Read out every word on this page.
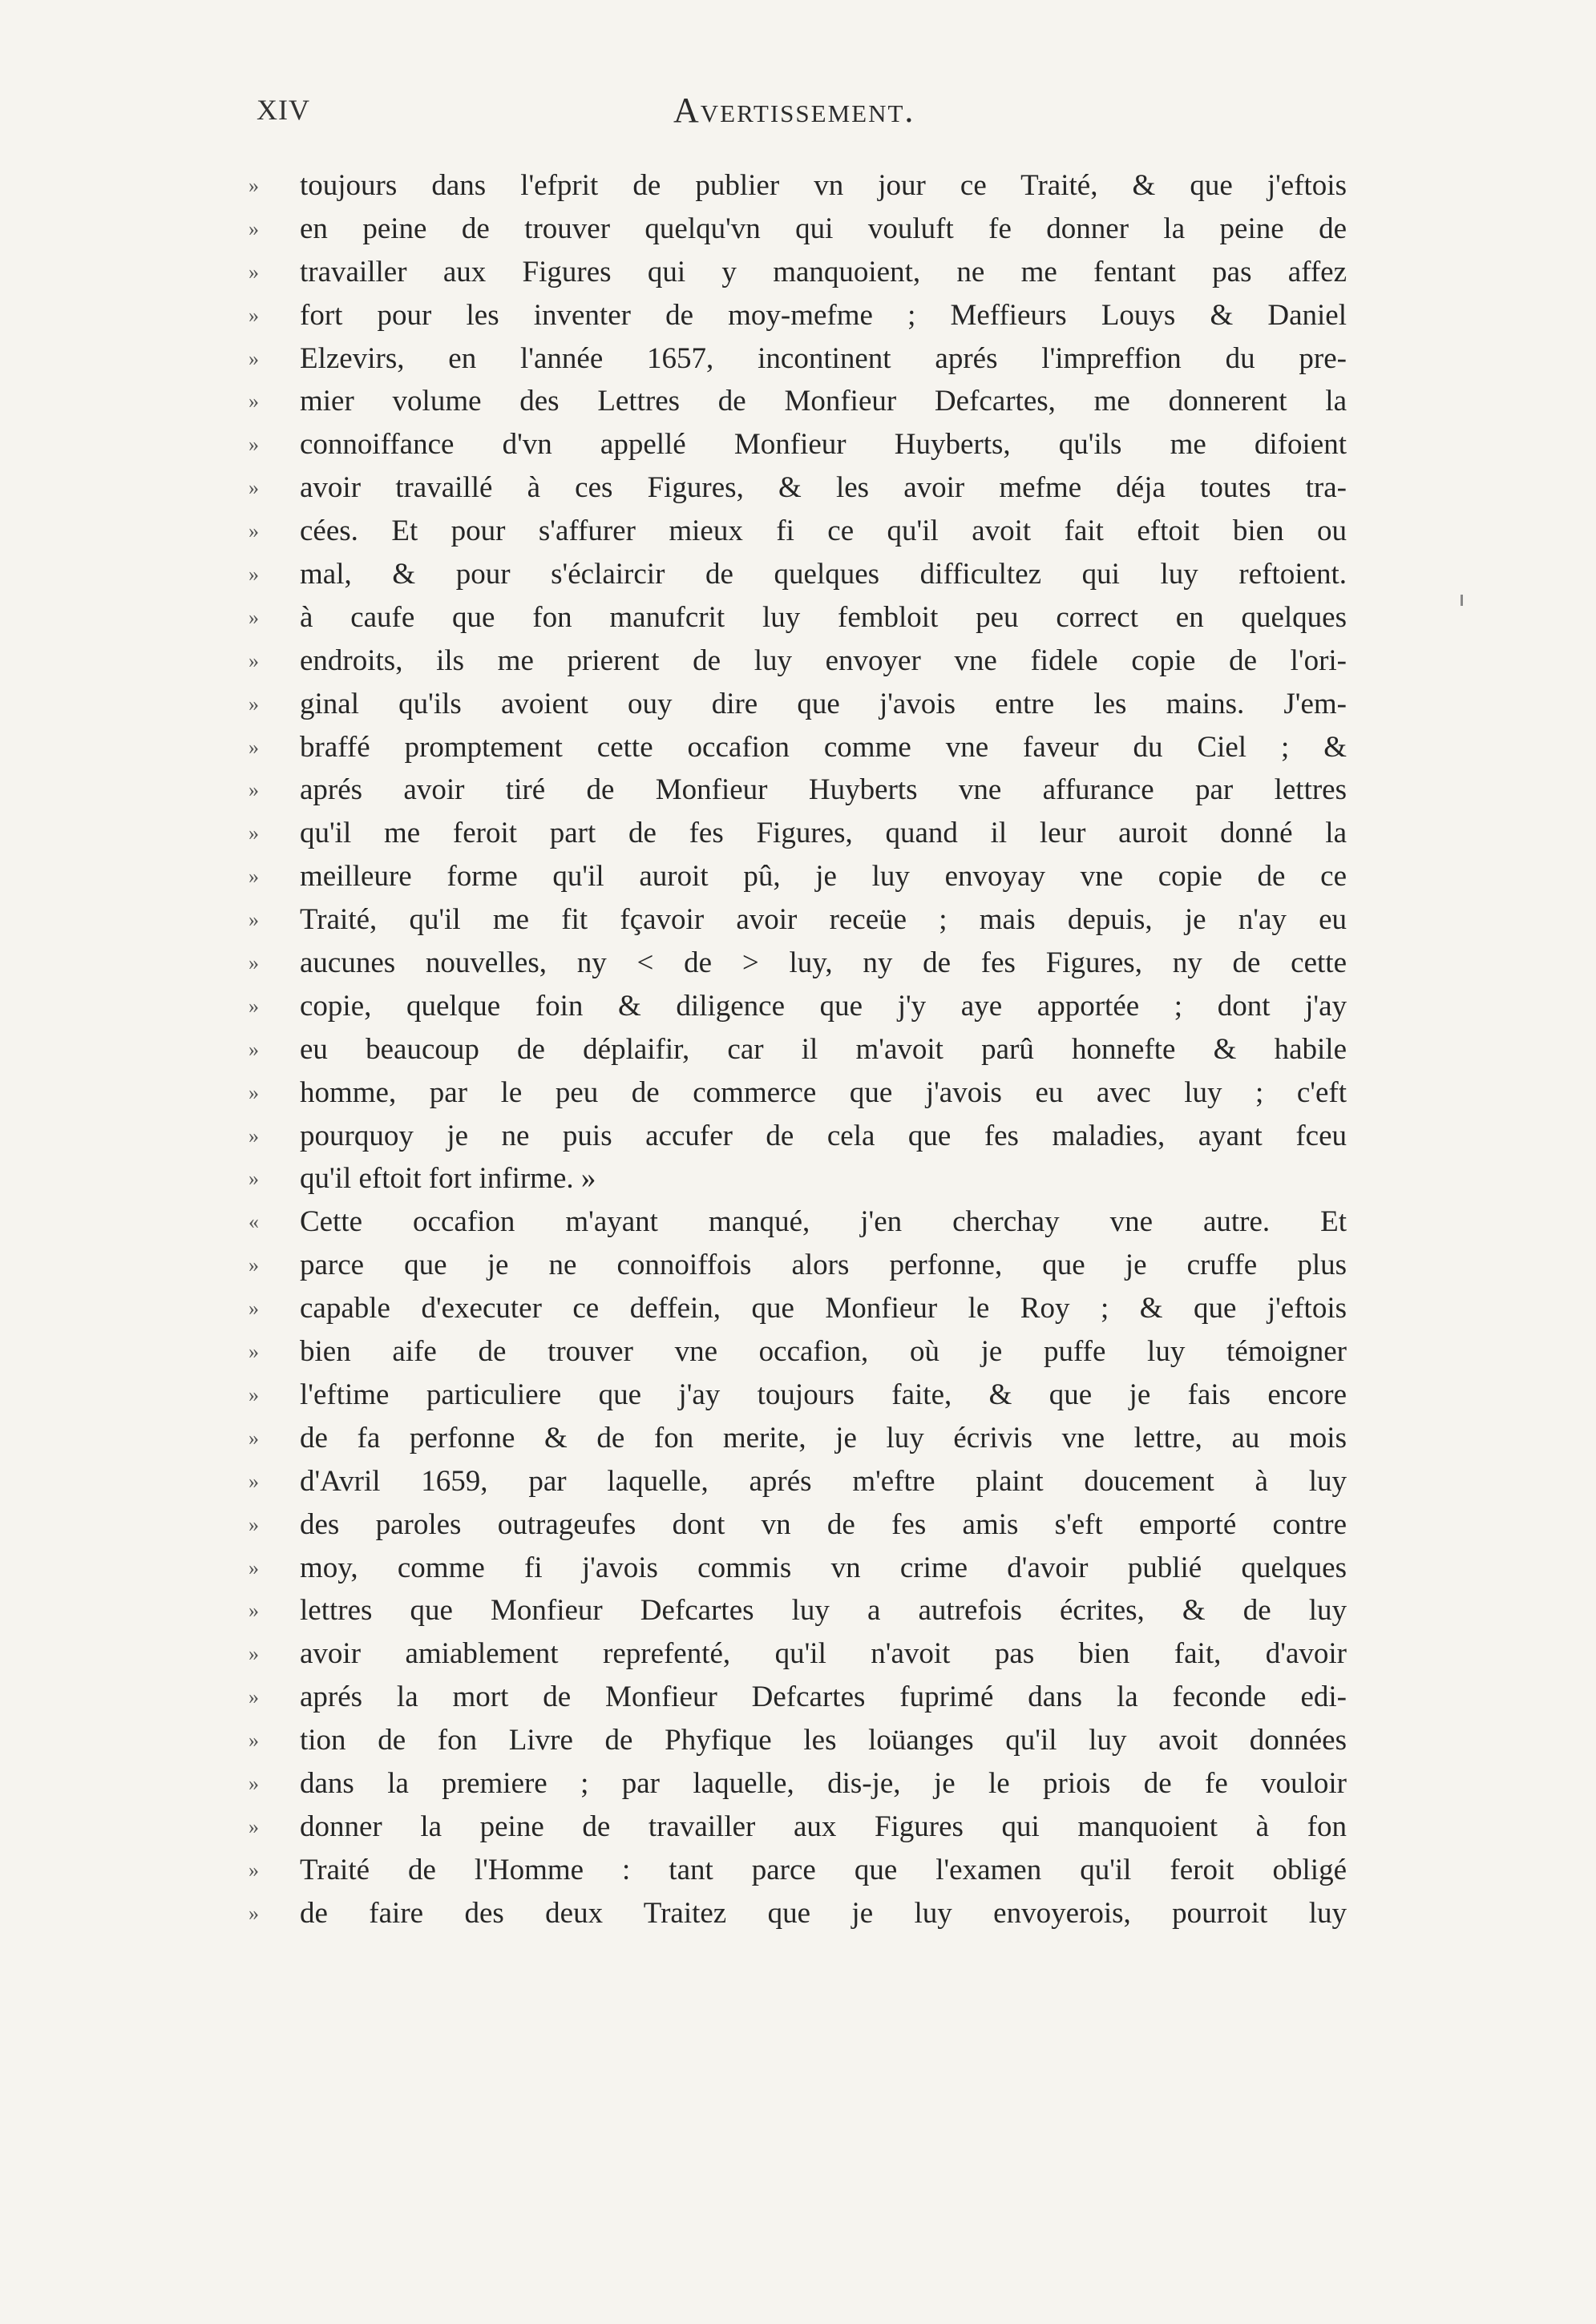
XIV	Avertissement.
»	toujours dans l'efprit de publier vn jour ce Traité, & que j'eftois
»	en peine de trouver quelqu'vn qui vouluft fe donner la peine de
»	travailler aux Figures qui y manquoient, ne me fentant pas affez
»	fort pour les inventer de moy-mefme ; Meffieurs Louys & Daniel
»	Elzevirs, en l'année 1657, incontinent aprés l'impreffion du pre-
»	mier volume des Lettres de Monfieur Defcartes, me donnerent la
»	connoiffance d'vn appellé Monfieur Huyberts, qu'ils me difoient
»	avoir travaillé à ces Figures, & les avoir mefme déja toutes tra-
»	cées. Et pour s'affurer mieux fi ce qu'il avoit fait eftoit bien ou
»	mal, & pour s'éclaircir de quelques difficultez qui luy reftoient.
»	à caufe que fon manufcrit luy fembloit peu correct en quelques
»	endroits, ils me prierent de luy envoyer vne fidele copie de l'ori-
»	ginal qu'ils avoient ouy dire que j'avois entre les mains. J'em-
»	braffé promptement cette occafion comme vne faveur du Ciel ; &
»	aprés avoir tiré de Monfieur Huyberts vne affurance par lettres
»	qu'il me feroit part de fes Figures, quand il leur auroit donné la
»	meilleure forme qu'il auroit pû, je luy envoyay vne copie de ce
»	Traité, qu'il me fit fçavoir avoir receüe ; mais depuis, je n'ay eu
»	aucunes nouvelles, ny < de > luy, ny de fes Figures, ny de cette
»	copie, quelque foin & diligence que j'y aye apportée ; dont j'ay
»	eu beaucoup de déplaifir, car il m'avoit parû honnefte & habile
»	homme, par le peu de commerce que j'avois eu avec luy ; c'eft
»	pourquoy je ne puis accufer de cela que fes maladies, ayant fceu
»	qu'il eftoit fort infirme. »
«	Cette occafion m'ayant manqué, j'en cherchay vne autre. Et
»	parce que je ne connoiffois alors perfonne, que je cruffe plus
»	capable d'executer ce deffein, que Monfieur le Roy ; & que j'eftois
»	bien aife de trouver vne occafion, où je puffe luy témoigner
»	l'eftime particuliere que j'ay toujours faite, & que je fais encore
»	de fa perfonne & de fon merite, je luy écrivis vne lettre, au mois
»	d'Avril 1659, par laquelle, aprés m'eftre plaint doucement à luy
»	des paroles outrageufes dont vn de fes amis s'eft emporté contre
»	moy, comme fi j'avois commis vn crime d'avoir publié quelques
»	lettres que Monfieur Defcartes luy a autrefois écrites, & de luy
»	avoir amiablement reprefenté, qu'il n'avoit pas bien fait, d'avoir
»	aprés la mort de Monfieur Defcartes fuprimé dans la feconde edi-
»	tion de fon Livre de Phyfique les loüanges qu'il luy avoit données
»	dans la premiere ; par laquelle, dis-je, je le priois de fe vouloir
»	donner la peine de travailler aux Figures qui manquoient à fon
»	Traité de l'Homme : tant parce que l'examen qu'il feroit obligé
»	de faire des deux Traitez que je luy envoyerois, pourroit luy
